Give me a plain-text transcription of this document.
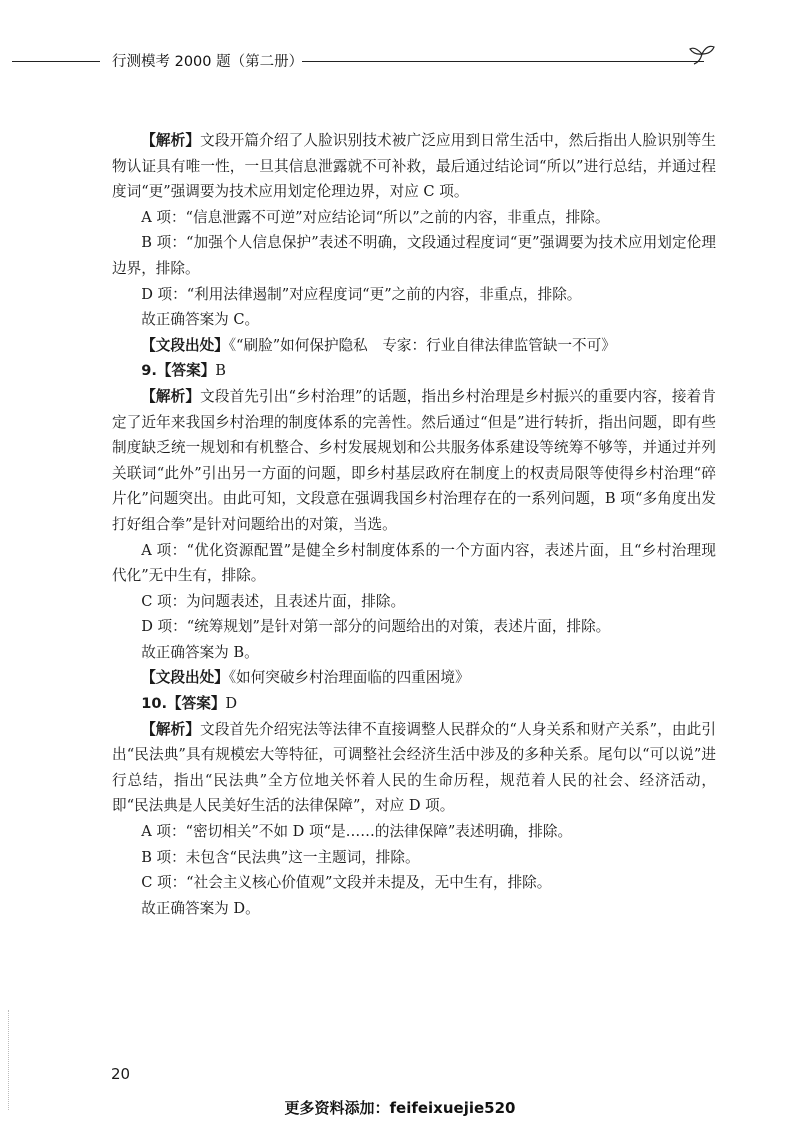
行测模考 2000 题（第二册）

【解析】文段开篇介绍了人脸识别技术被广泛应用到日常生活中，然后指出人脸识别等生物认证具有唯一性，一旦其信息泄露就不可补救，最后通过结论词“所以”进行总结，并通过程度词“更”强调要为技术应用划定伦理边界，对应 C 项。

A 项：“信息泄露不可逆”对应结论词“所以”之前的内容，非重点，排除。

B 项：“加强个人信息保护”表述不明确，文段通过程度词“更”强调要为技术应用划定伦理边界，排除。

D 项：“利用法律遏制”对应程度词“更”之前的内容，非重点，排除。

故正确答案为 C。

【文段出处】《“刷脸”如何保护隐私　专家：行业自律法律监管缺一不可》

9.【答案】B

【解析】文段首先引出“乡村治理”的话题，指出乡村治理是乡村振兴的重要内容，接着肯定了近年来我国乡村治理的制度体系的完善性。然后通过“但是”进行转折，指出问题，即有些制度缺乏统一规划和有机整合、乡村发展规划和公共服务体系建设等统筹不够等，并通过并列关联词“此外”引出另一方面的问题，即乡村基层政府在制度上的权责局限等使得乡村治理“碎片化”问题突出。由此可知，文段意在强调我国乡村治理存在的一系列问题，B 项“多角度出发打好组合拳”是针对问题给出的对策，当选。

A 项：“优化资源配置”是健全乡村制度体系的一个方面内容，表述片面，且“乡村治理现代化”无中生有，排除。

C 项：为问题表述，且表述片面，排除。

D 项：“统筹规划”是针对第一部分的问题给出的对策，表述片面，排除。

故正确答案为 B。

【文段出处】《如何突破乡村治理面临的四重困境》

10.【答案】D

【解析】文段首先介绍宪法等法律不直接调整人民群众的“人身关系和财产关系”，由此引出“民法典”具有规模宏大等特征，可调整社会经济生活中涉及的多种关系。尾句以“可以说”进行总结，指出“民法典”全方位地关怀着人民的生命历程，规范着人民的社会、经济活动，即“民法典是人民美好生活的法律保障”，对应 D 项。

A 项：“密切相关”不如 D 项“是……的法律保障”表述明确，排除。

B 项：未包含“民法典”这一主题词，排除。

C 项：“社会主义核心价值观”文段并未提及，无中生有，排除。

故正确答案为 D。

20
更多资料添加：feifeixuejie520
